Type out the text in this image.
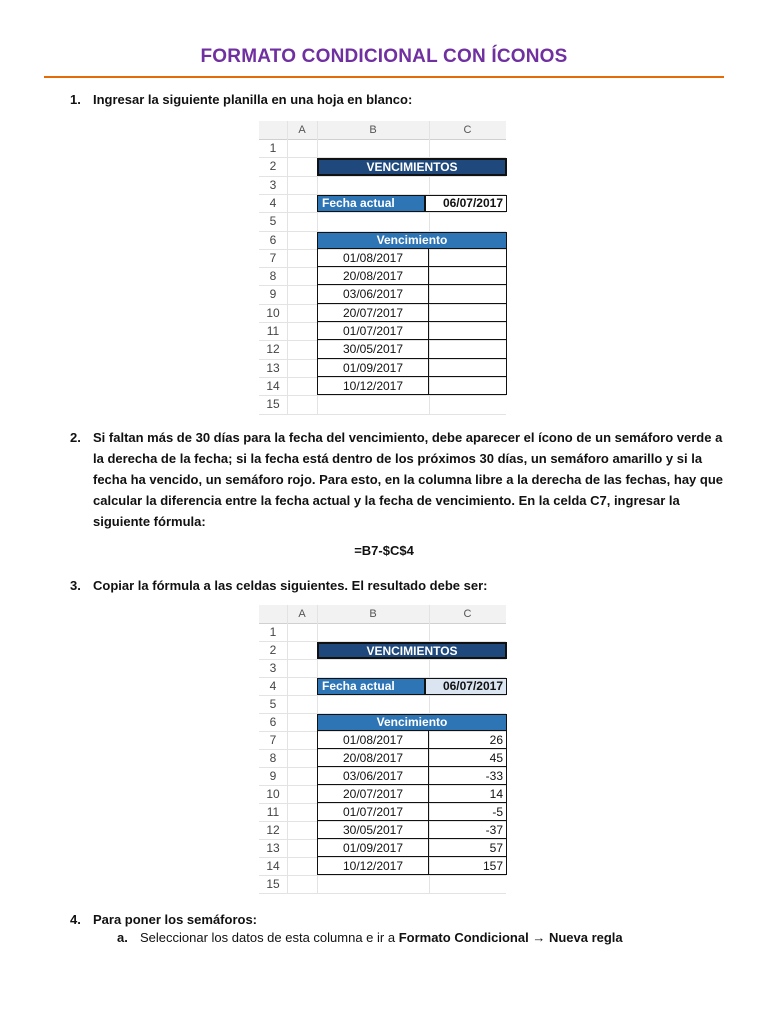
FORMATO CONDICIONAL CON ÍCONOS
1. Ingresar la siguiente planilla en una hoja en blanco:
A	B	C
1
2
3
4
5
6
7
8
9
10
11
12
13
14
15
VENCIMIENTOS
Fecha actual	06/07/2017
Vencimiento
01/08/2017
20/08/2017
03/06/2017
20/07/2017
01/07/2017
30/05/2017
01/09/2017
10/12/2017
2. Si faltan más de 30 días para la fecha del vencimiento, debe aparecer el ícono de un semáforo verde a la derecha de la fecha; si la fecha está dentro de los próximos 30 días, un semáforo amarillo y si la fecha ha vencido, un semáforo rojo. Para esto, en la columna libre a la derecha de las fechas, hay que calcular la diferencia entre la fecha actual y la fecha de vencimiento. En la celda C7, ingresar la siguiente fórmula:
=B7-$C$4
3. Copiar la fórmula a las celdas siguientes. El resultado debe ser:
A	B	C
1
2
3
4
5
6
7
8
9
10
11
12
13
14
15
VENCIMIENTOS
Fecha actual	06/07/2017
Vencimiento
01/08/2017	26
20/08/2017	45
03/06/2017	-33
20/07/2017	14
01/07/2017	-5
30/05/2017	-37
01/09/2017	57
10/12/2017	157
4. Para poner los semáforos:
a. Seleccionar los datos de esta columna e ir a Formato Condicional → Nueva regla
